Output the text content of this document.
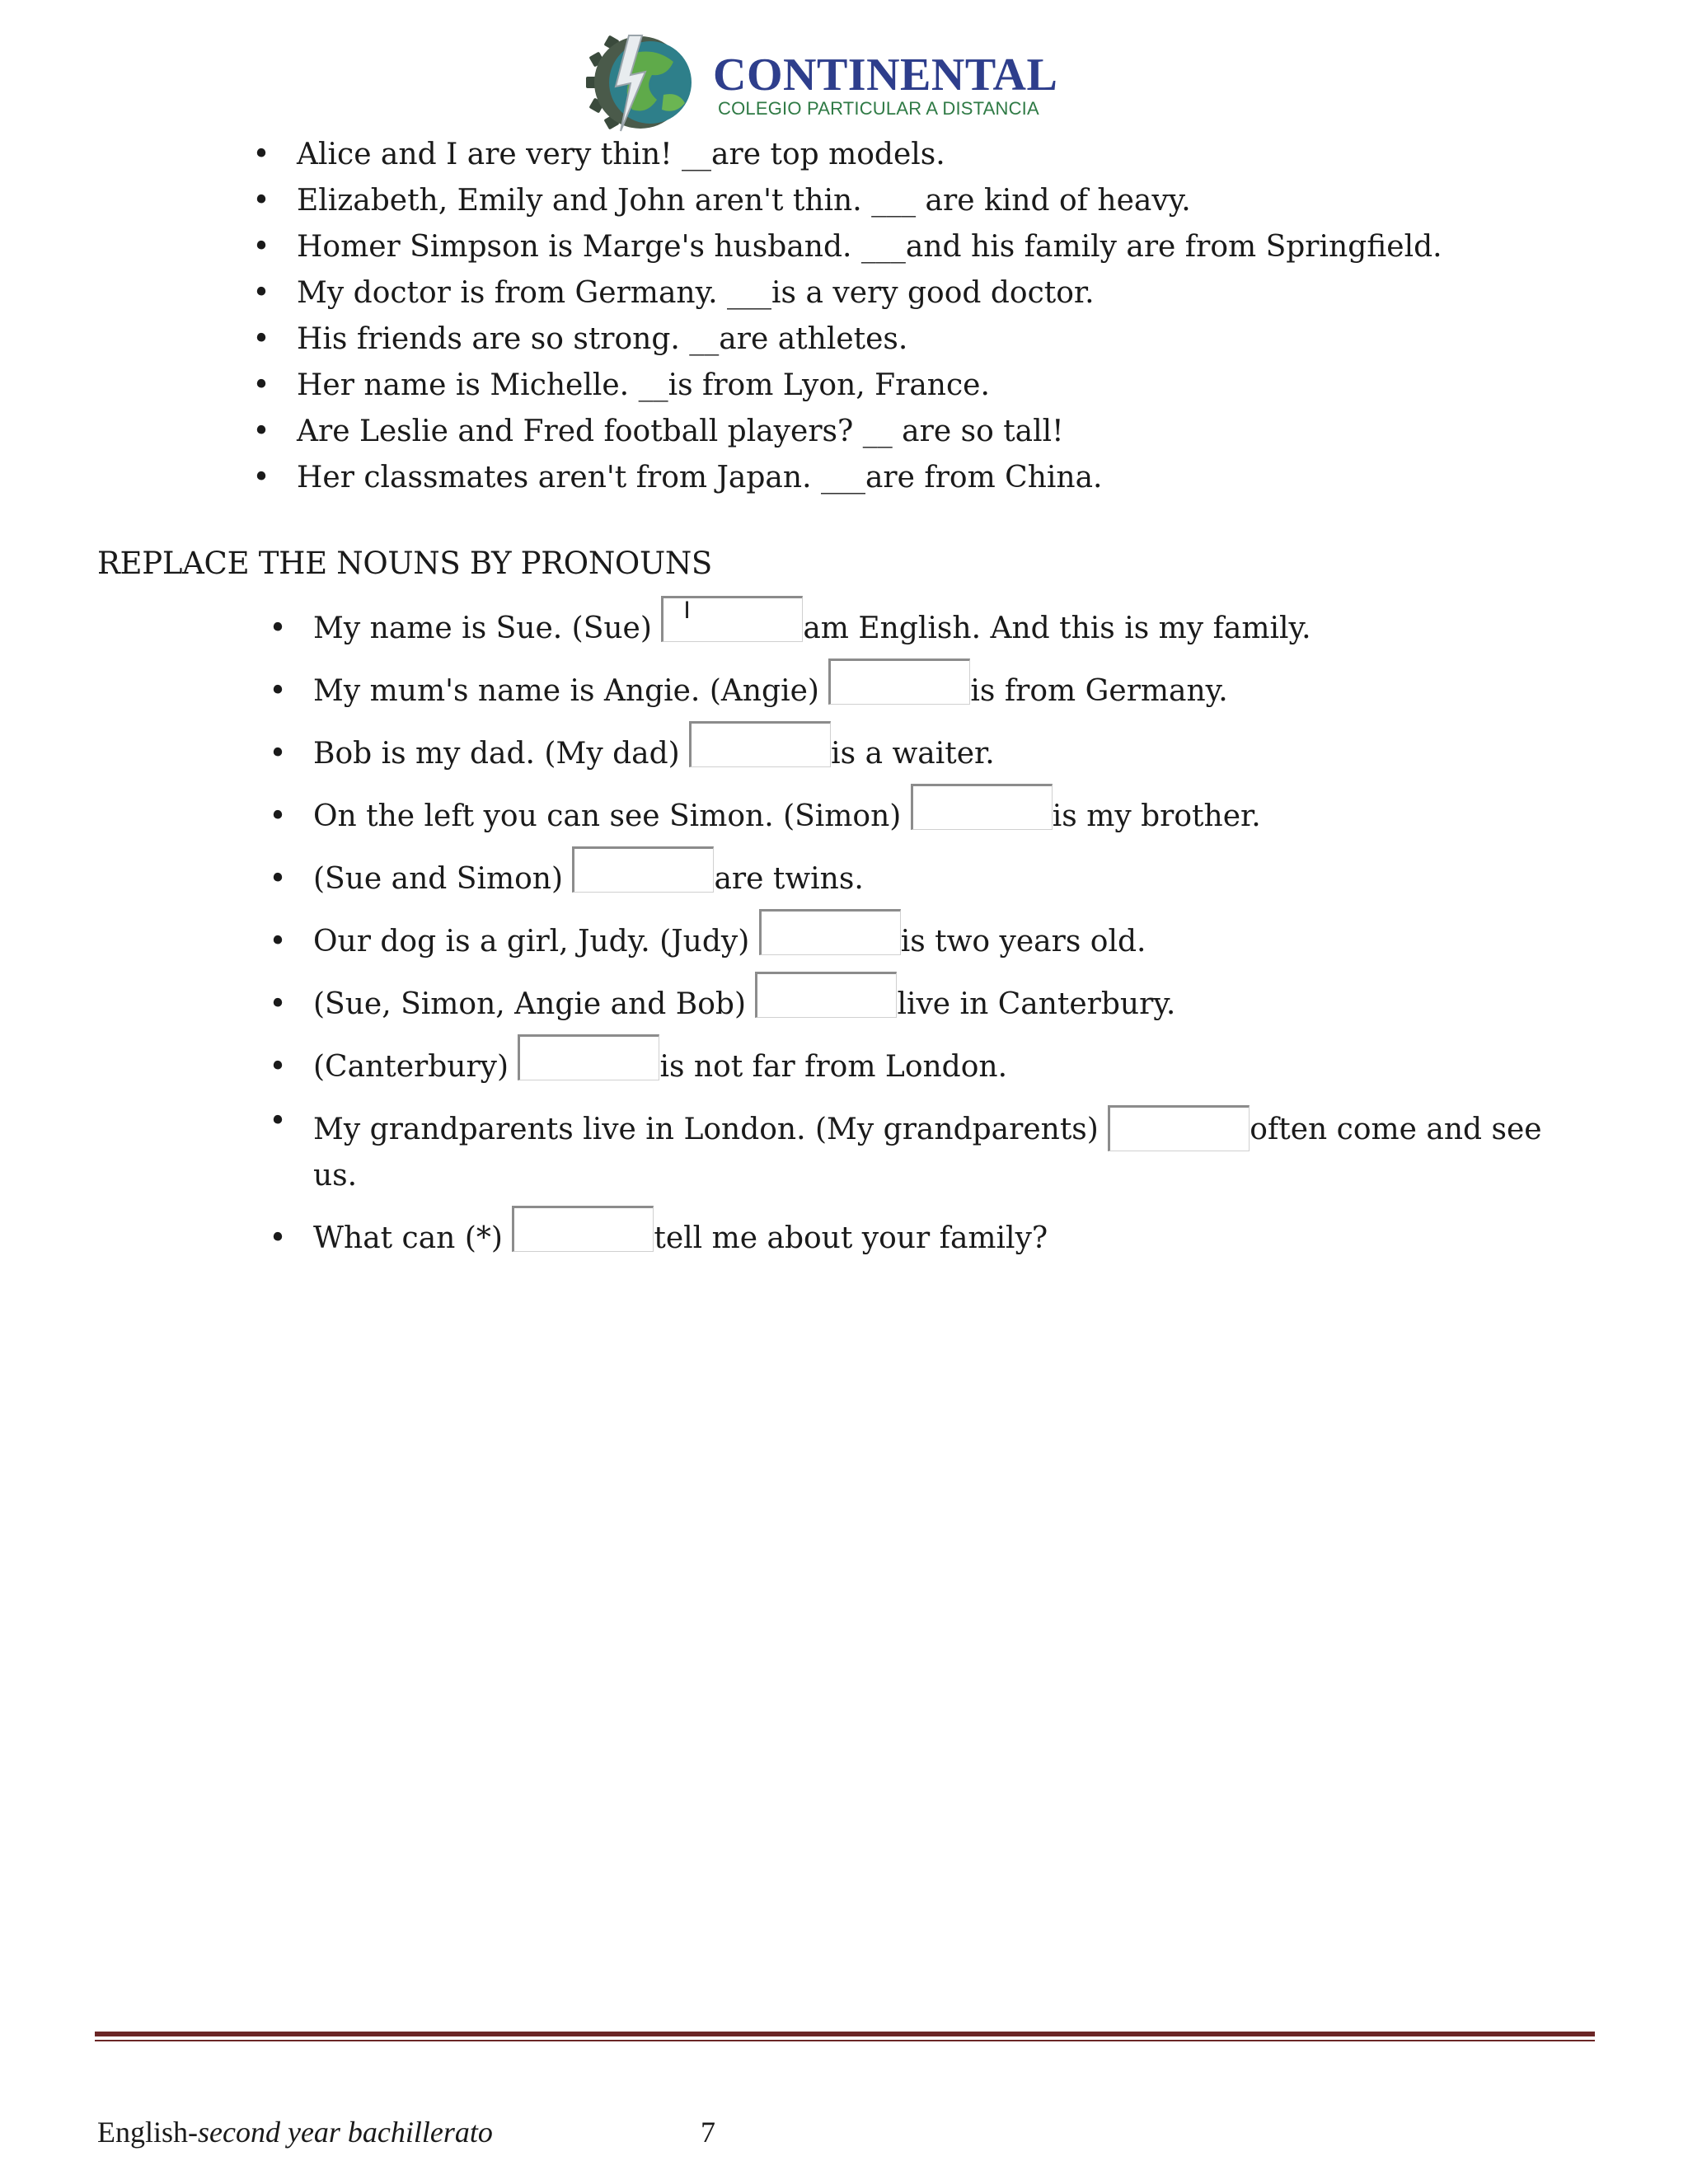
CONTINENTAL
COLEGIO PARTICULAR A DISTANCIA
• Alice and I are very thin! __are top models.
• Elizabeth, Emily and John aren't thin. ___ are kind of heavy.
• Homer Simpson is Marge's husband. ___and his family are from Springfield.
• My doctor is from Germany. ___is a very good doctor.
• His friends are so strong. __are athletes.
• Her name is Michelle. __is from Lyon, France.
• Are Leslie and Fred football players? __ are so tall!
• Her classmates aren't from Japan. ___are from China.
REPLACE THE NOUNS BY PRONOUNS
• My name is Sue. (Sue) Iam English. And this is my family.
• My mum's name is Angie. (Angie)	is from Germany.
• Bob is my dad. (My dad)	is a waiter.
• On the left you can see Simon. (Simon)	is my brother.
• (Sue and Simon)	are twins.
• Our dog is a girl, Judy. (Judy)	is two years old.
• (Sue, Simon, Angie and Bob)	live in Canterbury.
• (Canterbury)	is not far from London.
• My grandparents live in London. (My grandparents)	often come and see
us.
• What can (*)	tell me about your family?
English-second year bachillerato	7
